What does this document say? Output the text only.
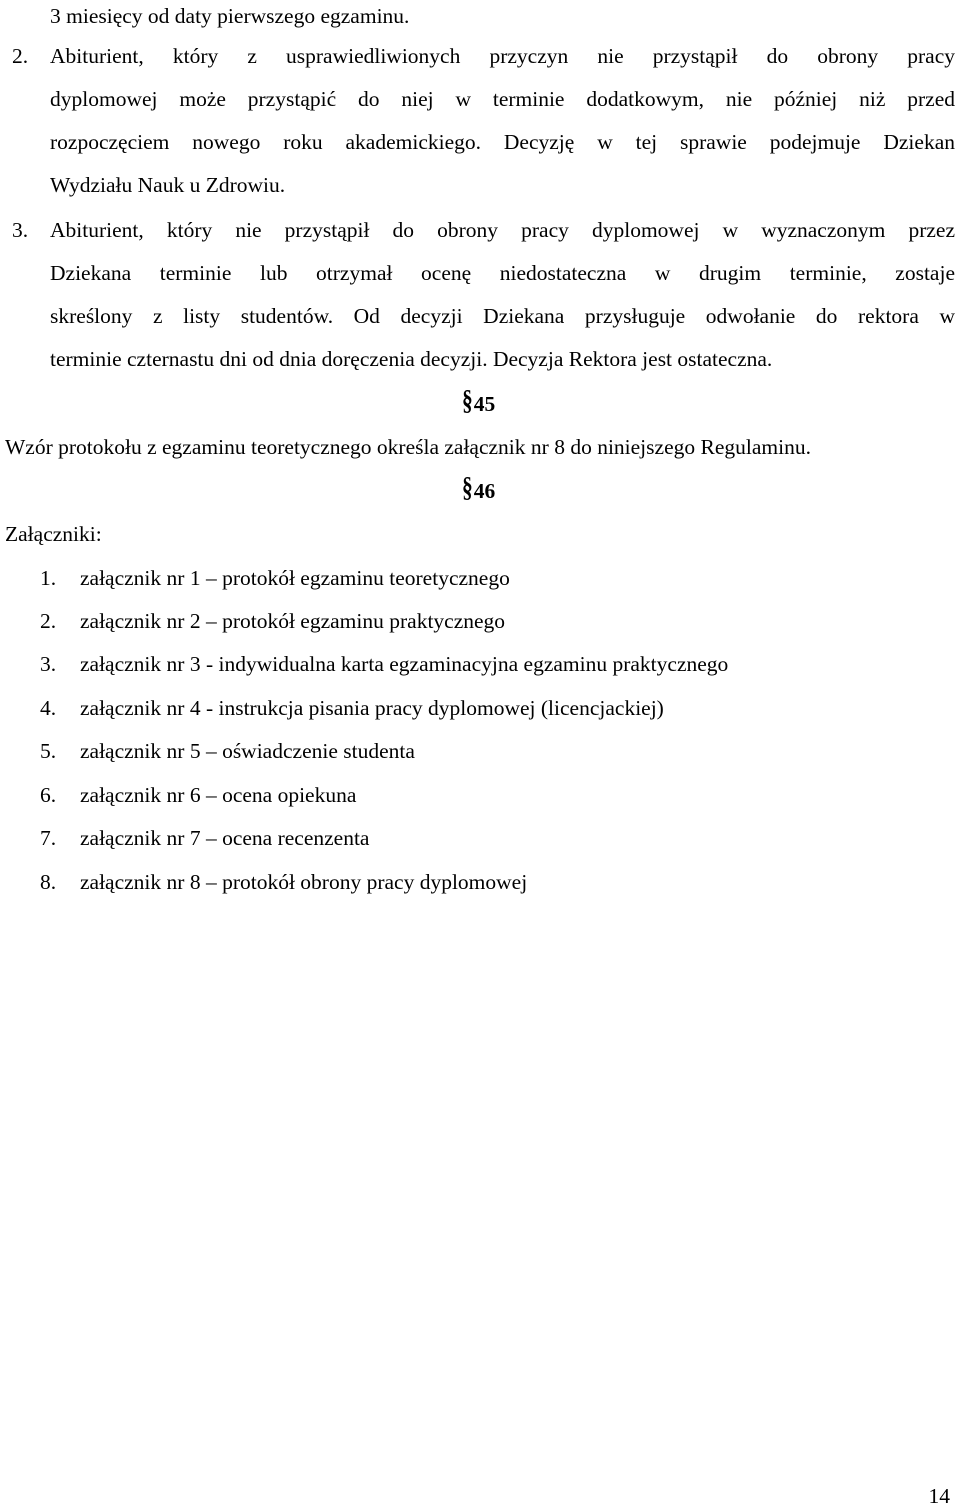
3 miesięcy od daty pierwszego egzaminu.
2. Abiturient, który z usprawiedliwionych przyczyn nie przystąpił do obrony pracy
dyplomowej może przystąpić do niej w terminie dodatkowym, nie później niż przed
rozpoczęciem nowego roku akademickiego. Decyzję w tej sprawie podejmuje Dziekan
Wydziału Nauk u Zdrowiu.
3. Abiturient, który nie przystąpił do obrony pracy dyplomowej w wyznaczonym przez
Dziekana terminie lub otrzymał ocenę niedostateczna w drugim terminie, zostaje
skreślony z listy studentów. Od decyzji Dziekana przysługuje odwołanie do rektora w
terminie czternastu dni od dnia doręczenia decyzji. Decyzja Rektora jest ostateczna.
§45
Wzór protokołu z egzaminu teoretycznego określa załącznik nr 8 do niniejszego Regulaminu.
§46
Załączniki:
1. załącznik nr 1 – protokół egzaminu teoretycznego
2. załącznik nr 2 – protokół egzaminu praktycznego
3. załącznik nr 3 - indywidualna karta egzaminacyjna egzaminu praktycznego
4. załącznik nr 4 - instrukcja pisania pracy dyplomowej (licencjackiej)
5. załącznik nr 5 – oświadczenie studenta
6. załącznik nr 6 – ocena opiekuna
7. załącznik nr 7 – ocena recenzenta
8. załącznik nr 8 – protokół obrony pracy dyplomowej
14
